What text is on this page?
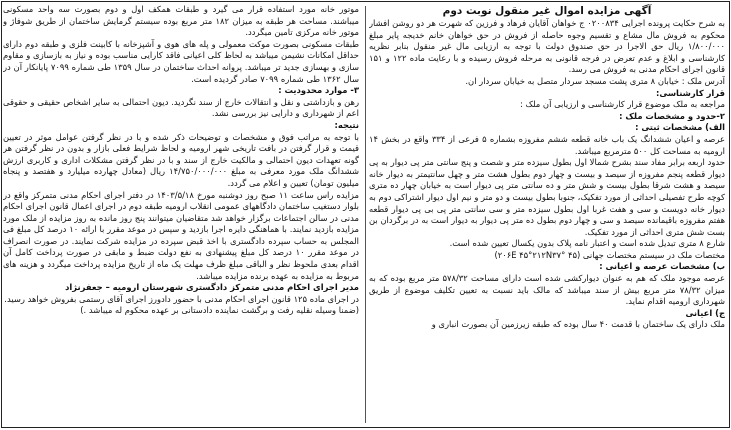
آگهی مزایده اموال غیر منقول نوبت دوم

به شرح حکایت پرونده اجرایی ۰۲۰۰۸۳۴ ج خواهان آقایان فرهاد و فرزین که شهرت هر دو روشن افشار محکوم به فروش مال مشاع و تقسیم وجوه حاصله از فروش در حق خواهان خانم خدیجه پایر مبلغ ۱/۸۰۰/۰۰۰ ریال حق الاجرا در حق صندوق دولت با توجه به ارزیابی مال غیر منقول بنابر نظریه کارشناسی و ابلاغ و عدم تعرض در فرجه قانونی به مرحله فروش رسیده و با رعایت ماده ۱۲۲ و ۱۵۱ قانون اجرای احکام مدنی به فروش می رسد.

آدرس ملک : خیابان ۸ متری پشت مسجد سردار متصل به خیابان سردار ان.

قرار کارشناسی:

مراجعه به ملک موضوع قرار کارشناسی و ارزیابی آن ملک :

۲-حدود و مشخصات ملک :

الف) مشخصات ثبتی :

عرصه و اعیان ششدانگ یک باب خانه قطعه ششم مفروزه بشماره ۵ فرعی از ۳۳۴ واقع در بخش ۱۴ ارومیه به مساحت کل ۵۰۰ مترمربع میباشد.

حدود اربعه برابر مفاد سند بشرح شمالا اول بطول سیزده متر و شصت و پنج سانتی متر پی دیوار به پی دیوار قطعه پنجم مفروزه از سیصد و بیست و چهار دوم بطول هشت متر و چهل سانتیمتر به دیوار خانه سیصد و هشت شرقا بطول بیست و شش متر و ده سانتی متر پی دیوار است به خیابان چهار ده متری کوچه طرح تفصیلی احداثی از مورد تفکیک، جنوبا بطول بیست و دو متر و نیم اول دیوار اشتراکی دوم به دیوار خانه دویست و سی و هفت غربا اول بطول سیزده متر و سی سانتی متر پی بی پی دیوار قطعه هفتم مفروزه باقیمانده سیصد و سی و چهار دوم بطول ده متر پی دیوار به دیوار است به در برگردان بن بست شش متری احداثی از مورد تفکیک.

شارع ۸ متری تبدیل شده است و اعتبار نامه پلاک بدون یکسال تعیین شده است.

مختصات ملک در سیستم مختصات جهانی (۲۰۶E ۴۵°۲۱۲N۳۷° ۴۵)

ب) مشخصات عرصه و اعیانی :

عرصه موجود ملک که هم به عنوان دیوارکشی شده است دارای مساحت ۵۷۸/۳۲ متر مربع بوده که به میزان ۷۸/۳۲ متر مربع بیش از سند میباشد که مالک باید نسبت به تعیین تکلیف موضوع از طریق شهرداری ارومیه اقدام نماید.

ج) اعیانی

ملک دارای یک ساختمان با قدمت ۴۰ سال بوده که طبقه زیرزمین آن بصورت انباری و

موتور خانه مورد استفاده قرار می گیرد و طبقات همکف اول و دوم بصورت سه واحد مسکونی میباشند. مساحت هر طبقه به میزان ۱۸۲ متر مربع بوده سیستم گرمایش ساختمان از طریق شوفاژ و موتور خانه مرکزی تامین میگردد.

طبقات مسکونی بصورت موکت معمولی و پله های هوی و آشپزخانه با کابینت فلزی و طبقه دوم دارای حداقل امکانات نشیمن میباشد به لحاظ کلی اعیانی فاقد کارایی مناسب بوده و نیاز به بازسازی و مقاوم سازی و بهسازی جدید تر میباشد. پروانه احداث ساختمان در سال ۱۳۵۹ طی شماره ۷۰۹۹ پایانکار آن در سال ۱۳۶۲ طی شماره ۷۰۹۹ صادر گردیده است.

۳- موارد محدودیت :

رهن و بازداشتی و نقل و انتقالات خارج از سند نگردید. دیون احتمالی به سایر اشخاص حقیقی و حقوقی اعم از شهرداری و دارایی نیز بررسی نشد.

نتیجه:

با توجه به مراتب فوق و مشخصات و توضیحات ذکر شده و با در نظر گرفتن عوامل موثر در تعیین قیمت و قرار گرفتن در بافت تاریخی شهر ارومیه و لحاظ شرایط فعلی بازار و بدون در نظر گرفتن هر گونه تعهدات دیون احتمالی و مالکیت خارج از سند و با در نظر گرفتن مشکلات اداری و کاربری ارزش ششدانگ ملک مورد معرفی به مبلغ ۱۴/۷۵۰/۰۰۰/۰۰۰ ریال (معادل چهارده میلیارد و هفتصد و پنجاه میلیون تومان) تعیین و اعلام می گردد.

مزایده راس ساعت ۱۱ صبح روز دوشنبه مورخ ۱۴۰۳/۵/۱۸ در دفتر اجرای احکام مدنی متمرکز واقع در بلوار دستغیب ساختمان دادگاههای عمومی انقلاب ارومیه طبقه دوم در اجرای اعمال قانون اجرای احکام مدنی در سالن اجتماعات برگزار خواهد شد متقاضیان میتوانند پنج روز مانده به روز مزایده از ملک مورد مزایده بازدید نمایند. با هماهنگی دایره اجرا بازدید و سپس در موعد مقرر با ارائه ۱۰ درصد کل مبلغ فی المجلس به حساب سپرده دادگستری با اخذ قبض سپرده در مزایده شرکت نمایند. در صورت انصراف در موعد مقرر ۱۰ درصد کل مبلغ پیشنهادی به نفع دولت ضبط و مابقی در صورت پرداخت کامل آن اقدام بعدی ملحوظ نظر و الباقی مبلغ ظرف مهلت یک ماه از تاریخ مزایده پرداخت میگردد و هزینه های مربوط به مزایده به عهده برنده مزایده میباشد.

مدیر اجرای احکام مدنی متمرکز دادگستری شهرستان ارومیه – جعفرنژاد

در اجرای ماده ۱۲۵ قانون اجرای احکام مدنی با حضور دادورز اجرای آقای رستمی بفروش خواهد رسید.

(ضمنا وسیله نقلیه رفت و برگشت نماینده دادستانی بر عهده محکوم له میباشد .)
